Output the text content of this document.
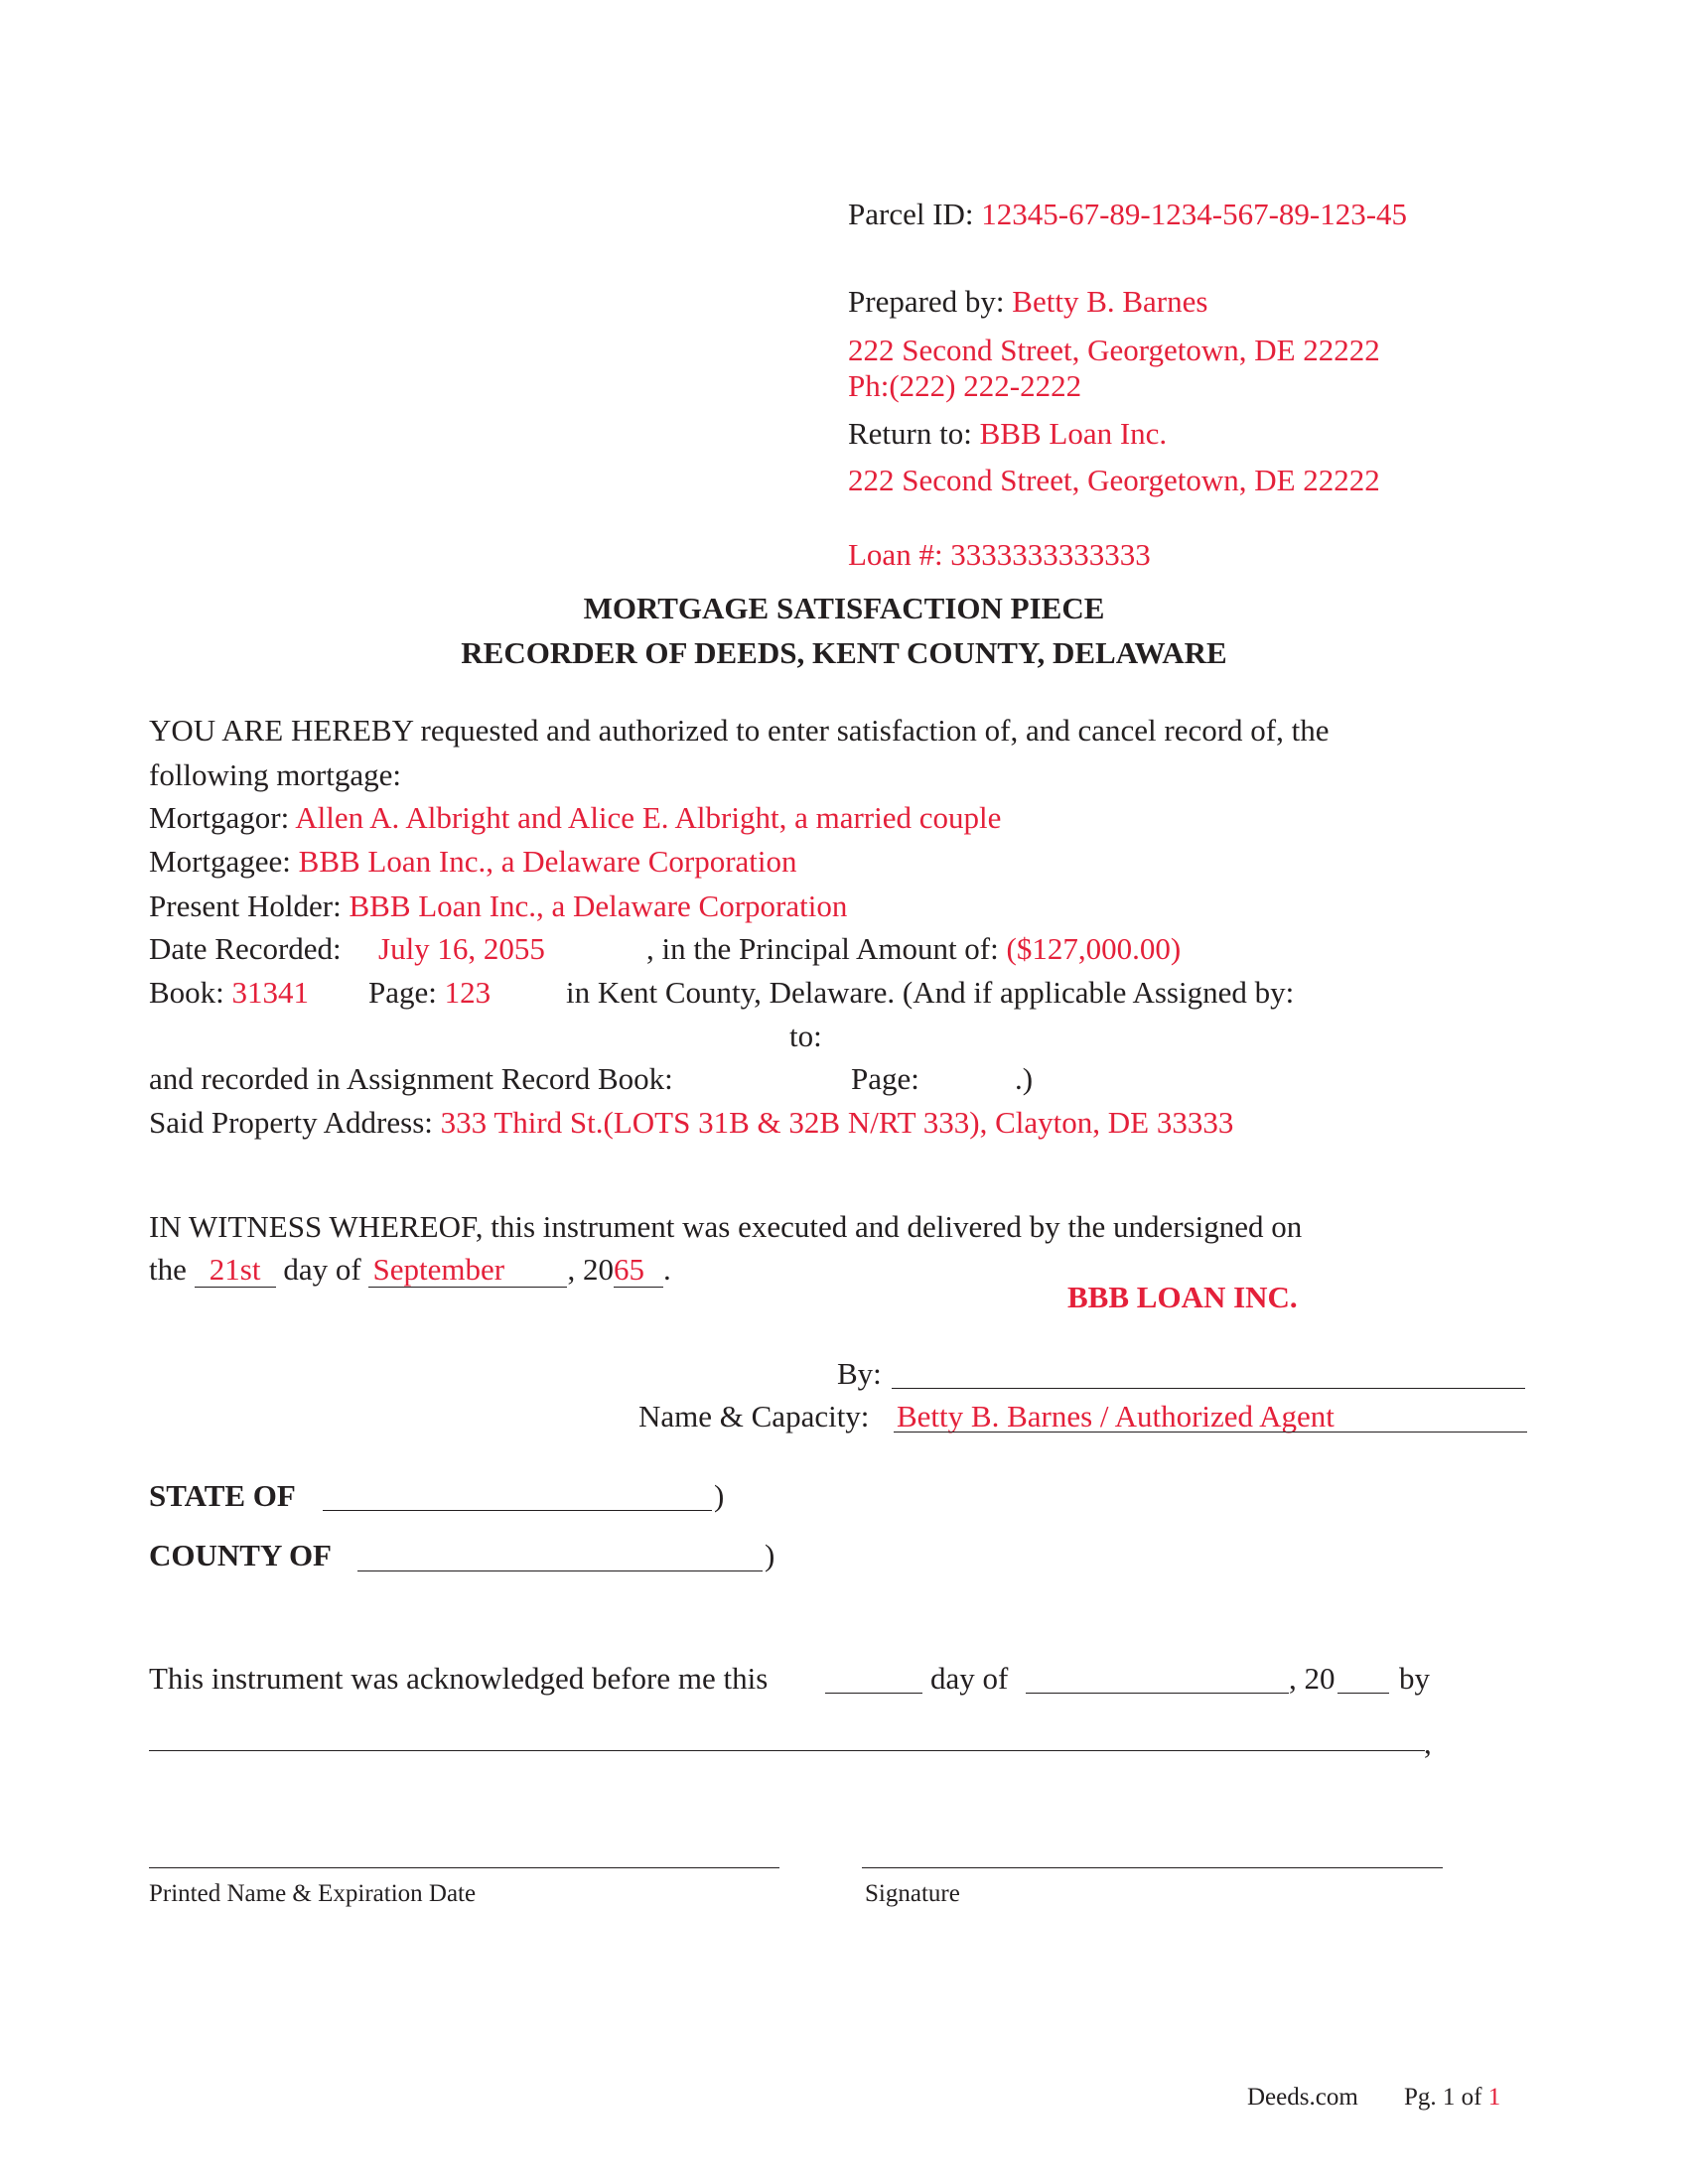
Parcel ID: 12345-67-89-1234-567-89-123-45
Prepared by: Betty B. Barnes
222 Second Street, Georgetown, DE 22222
Ph:(222) 222-2222
Return to: BBB Loan Inc.
222 Second Street, Georgetown, DE 22222
Loan #: 3333333333333
MORTGAGE SATISFACTION PIECE
RECORDER OF DEEDS, KENT COUNTY, DELAWARE
YOU ARE HEREBY requested and authorized to enter satisfaction of, and cancel record of, the
following mortgage:
Mortgagor: Allen A. Albright and Alice E. Albright, a married couple
Mortgagee: BBB Loan Inc., a Delaware Corporation
Present Holder: BBB Loan Inc., a Delaware Corporation
Date Recorded: July 16, 2055	, in the Principal Amount of: ($127,000.00)
Book: 31341 Page: 123 in Kent County, Delaware. (And if applicable Assigned by:
to:
and recorded in Assignment Record Book:	Page:	.)
Said Property Address: 333 Third St.(LOTS 31B & 32B N/RT 333), Clayton, DE 33333
IN WITNESS WHEREOF, this instrument was executed and delivered by the undersigned on
the 21st day of September , 2065 .
BBB LOAN INC.
By:
Name & Capacity: Betty B. Barnes / Authorized Agent
STATE OF	)
COUNTY OF	)
This instrument was acknowledged before me this	day of	, 20 by
,
Printed Name & Expiration Date	Signature
Deeds.com Pg. 1 of 1
